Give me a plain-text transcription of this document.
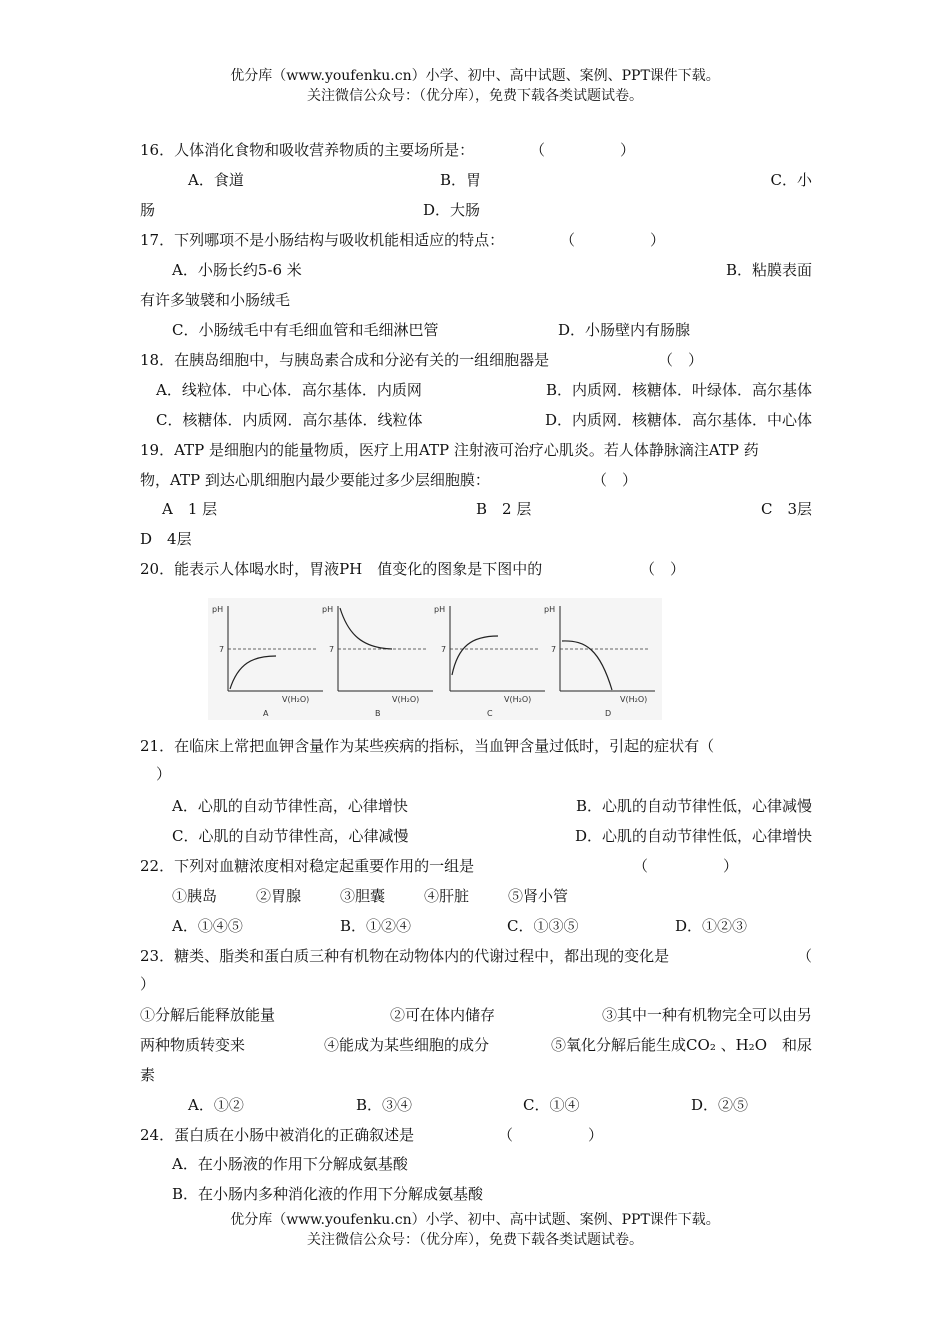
优分库（www.youfenku.cn）小学、初中、高中试题、案例、PPT课件下载。
关注微信公众号：（优分库），免费下载各类试题试卷。
16．人体消化食物和吸收营养物质的主要场所是：	（　　　　　）
A．食道	B．胃	C．小
肠	D．大肠
17．下列哪项不是小肠结构与吸收机能相适应的特点：	（　　　　　）
A．小肠长约5-6 米	B．粘膜表面
有许多皱襞和小肠绒毛
C．小肠绒毛中有毛细血管和毛细淋巴管	D．小肠壁内有肠腺
18．在胰岛细胞中，与胰岛素合成和分泌有关的一组细胞器是	（　）
A．线粒体．中心体．高尔基体．内质网	B．内质网．核糖体．叶绿体．高尔基体
C．核糖体．内质网．高尔基体．线粒体	D．内质网．核糖体．高尔基体．中心体
19．ATP 是细胞内的能量物质，医疗上用ATP 注射液可治疗心肌炎。若人体静脉滴注ATP 药
物，ATP 到达心肌细胞内最少要能过多少层细胞膜：	（　）
A　1 层	B　2 层	C　3层
D　4层
20．能表示人体喝水时，胃液PH　值变化的图象是下图中的	（　）
pH
7
V(H₂O)
A
pH
7
V(H₂O)
B
pH
7
V(H₂O)
C
pH
7
V(H₂O)
D
21．在临床上常把血钾含量作为某些疾病的指标，当血钾含量过低时，引起的症状有（
）
A．心肌的自动节律性高，心律增快	B．心肌的自动节律性低，心律减慢
C．心肌的自动节律性高，心律减慢	D．心肌的自动节律性低，心律增快
22．下列对血糖浓度相对稳定起重要作用的一组是	（　　　　　）
①胰岛	②胃腺	③胆囊	④肝脏	⑤肾小管
A．①④⑤	B．①②④	C．①③⑤	D．①②③
23．糖类、脂类和蛋白质三种有机物在动物体内的代谢过程中，都出现的变化是	（
）
①分解后能释放能量	②可在体内储存	③其中一种有机物完全可以由另
两种物质转变来	④能成为某些细胞的成分	⑤氧化分解后能生成CO₂ 、H₂O　和尿
素
A．①②	B．③④	C．①④	D．②⑤
24．蛋白质在小肠中被消化的正确叙述是	（　　　　　）
A．在小肠液的作用下分解成氨基酸
B．在小肠内多种消化液的作用下分解成氨基酸
优分库（www.youfenku.cn）小学、初中、高中试题、案例、PPT课件下载。
关注微信公众号：（优分库），免费下载各类试题试卷。
